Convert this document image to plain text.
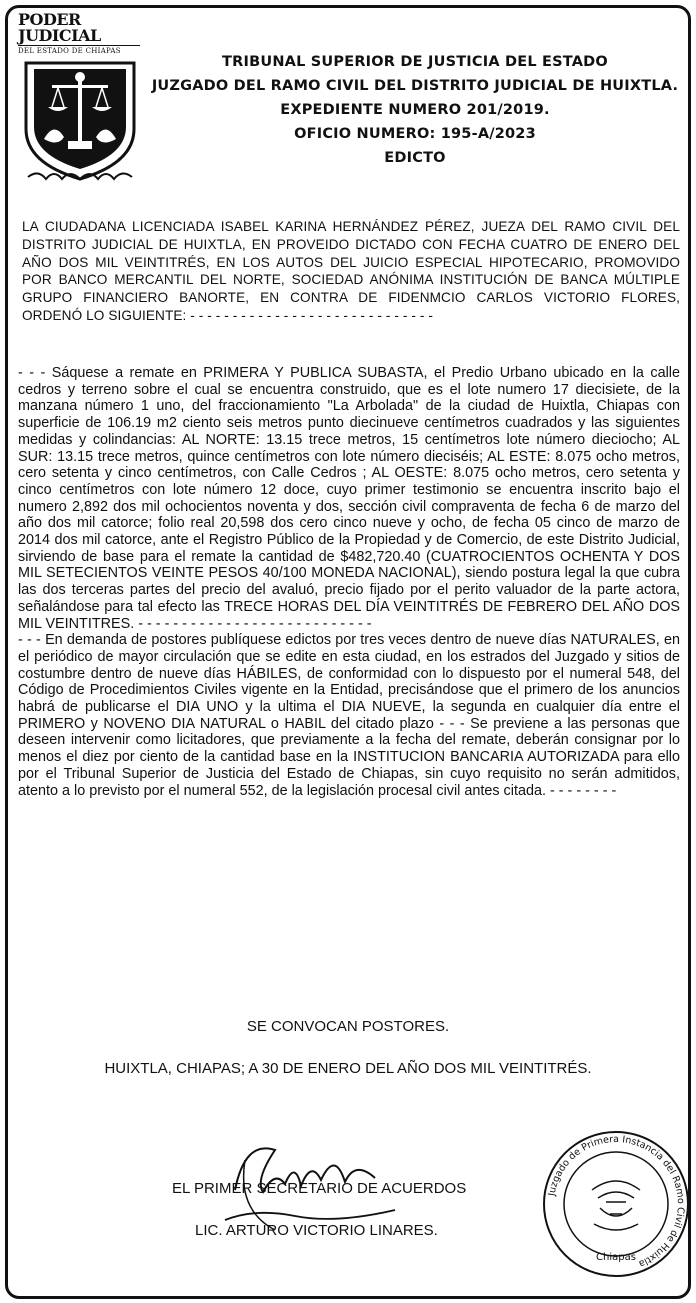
PODER JUDICIAL
DEL ESTADO DE CHIAPAS
TRIBUNAL SUPERIOR DE JUSTICIA DEL ESTADO
JUZGADO DEL RAMO CIVIL DEL DISTRITO JUDICIAL DE HUIXTLA.
EXPEDIENTE NUMERO 201/2019.
OFICIO NUMERO: 195-A/2023
EDICTO
LA CIUDADANA LICENCIADA ISABEL KARINA HERNÁNDEZ PÉREZ, JUEZA DEL RAMO CIVIL DEL DISTRITO JUDICIAL DE HUIXTLA, EN PROVEIDO DICTADO CON FECHA CUATRO DE ENERO DEL AÑO DOS MIL VEINTITRÉS, EN LOS AUTOS DEL JUICIO ESPECIAL HIPOTECARIO, PROMOVIDO POR BANCO MERCANTIL DEL NORTE, SOCIEDAD ANÓNIMA INSTITUCIÓN DE BANCA MÚLTIPLE GRUPO FINANCIERO BANORTE, EN CONTRA DE FIDENMCIO CARLOS VICTORIO FLORES, ORDENÓ LO SIGUIENTE: - - - - - - - - - - - - - - - - - - - - - - - - - - - - -

- - - Sáquese a remate en PRIMERA Y PUBLICA SUBASTA, el Predio Urbano ubicado en la calle cedros y terreno sobre el cual se encuentra construido, que es el lote numero 17 diecisiete, de la manzana número 1 uno, del fraccionamiento "La Arbolada" de la ciudad de Huixtla, Chiapas con superficie de 106.19 m2 ciento seis metros punto diecinueve centímetros cuadrados y las siguientes medidas y colindancias: AL NORTE: 13.15 trece metros, 15 centímetros lote número dieciocho; AL SUR: 13.15 trece metros, quince centímetros con lote número dieciséis; AL ESTE: 8.075 ocho metros, cero setenta y cinco centímetros, con Calle Cedros ; AL OESTE: 8.075 ocho metros, cero setenta y cinco centímetros con lote número 12 doce, cuyo primer testimonio se encuentra inscrito bajo el numero 2,892 dos mil ochocientos noventa y dos, sección civil compraventa de fecha 6 de marzo del año dos mil catorce; folio real 20,598 dos cero cinco nueve y ocho, de fecha 05 cinco de marzo de 2014 dos mil catorce, ante el Registro Público de la Propiedad y de Comercio, de este Distrito Judicial, sirviendo de base para el remate la cantidad de $482,720.40 (CUATROCIENTOS OCHENTA Y DOS MIL SETECIENTOS VEINTE PESOS 40/100 MONEDA NACIONAL), siendo postura legal la que cubra las dos terceras partes del precio del avaluó, precio fijado por el perito valuador de la parte actora, señalándose para tal efecto las TRECE HORAS DEL DÍA VEINTITRÉS DE FEBRERO DEL AÑO DOS MIL VEINTITRES. - - - - - - - - - - - - - - - - - - - - - - - - - - -

- - - En demanda de postores publíquese edictos por tres veces dentro de nueve días NATURALES, en el periódico de mayor circulación que se edite en esta ciudad, en los estrados del Juzgado y sitios de costumbre dentro de nueve días HÁBILES, de conformidad con lo dispuesto por el numeral 548, del Código de Procedimientos Civiles vigente en la Entidad, precisándose que el primero de los anuncios habrá de publicarse el DIA UNO y la ultima el DIA NUEVE, la segunda en cualquier día entre el PRIMERO y NOVENO DIA NATURAL o HABIL del citado plazo - - - Se previene a las personas que deseen intervenir como licitadores, que previamente a la fecha del remate, deberán consignar por lo menos el diez por ciento de la cantidad base en la INSTITUCION BANCARIA AUTORIZADA para ello por el Tribunal Superior de Justicia del Estado de Chiapas, sin cuyo requisito no serán admitidos, atento a lo previsto por el numeral 552, de la legislación procesal civil antes citada. - - - - - - - -

SE CONVOCAN POSTORES.
HUIXTLA, CHIAPAS; A 30 DE ENERO DEL AÑO DOS MIL VEINTITRÉS.
EL PRIMER SECRETARIO DE ACUERDOS
LIC. ARTURO VICTORIO LINARES.
Juzgado de Primera Instancia del Ramo Civil de Huixtla
Chiapas
